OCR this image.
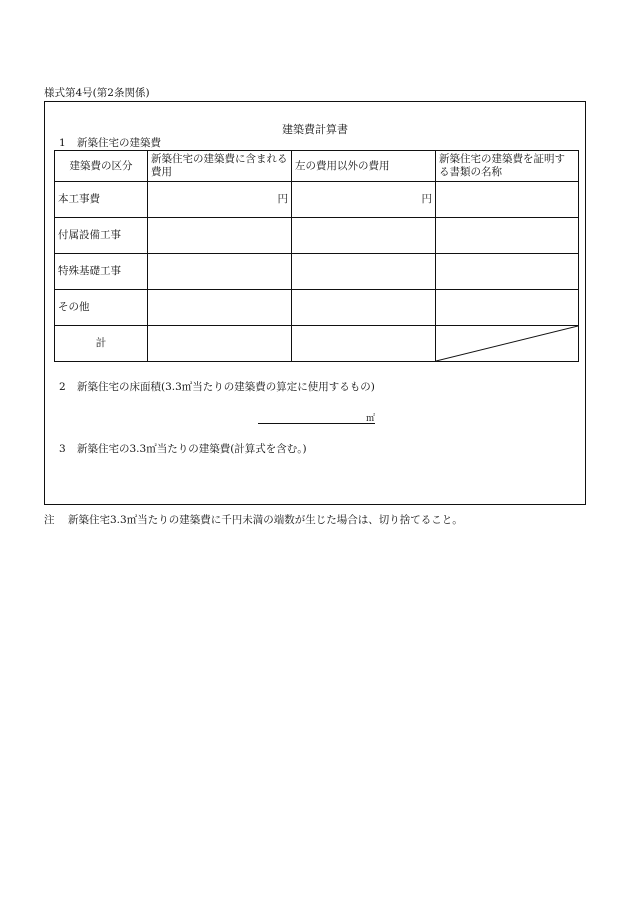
様式第4号(第2条関係)
建築費計算書
1 新築住宅の建築費
建築費の区分	新築住宅の建築費に含まれる費用	左の費用以外の費用	新築住宅の建築費を証明する書類の名称
本工事費	円	円	
付属設備工事			
特殊基礎工事			
その他			
計			
2 新築住宅の床面積(3.3㎡当たりの建築費の算定に使用するもの)
㎡
3 新築住宅の3.3㎡当たりの建築費(計算式を含む。)
注 新築住宅3.3㎡当たりの建築費に千円未満の端数が生じた場合は、切り捨てること。
